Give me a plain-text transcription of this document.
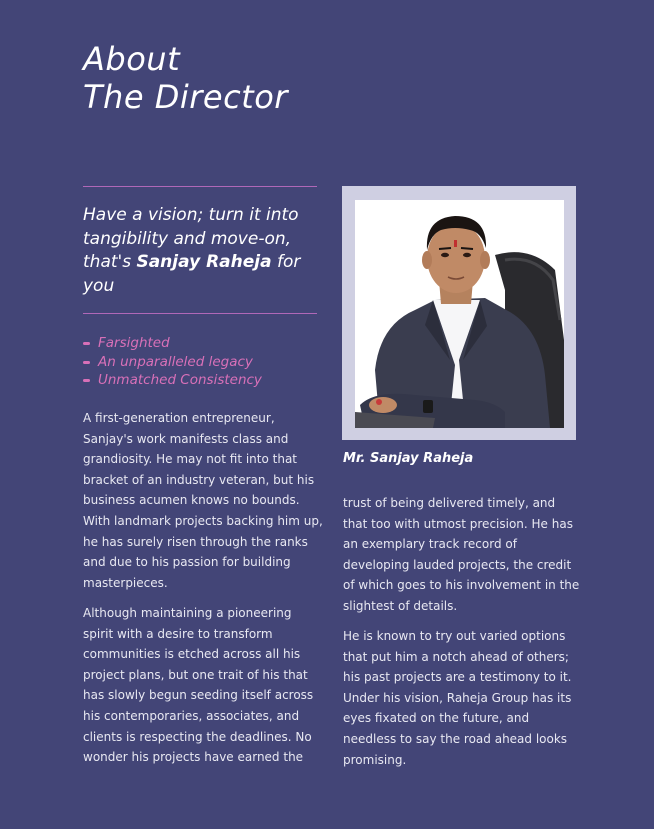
About
The Director

Have a vision; turn it into tangibility and move-on, that's Sanjay Raheja for you

Farsighted
An unparalleled legacy
Unmatched Consistency

A first-generation entrepreneur, Sanjay's work manifests class and grandiosity. He may not fit into that bracket of an industry veteran, but his business acumen knows no bounds. With landmark projects backing him up, he has surely risen through the ranks and due to his passion for building masterpieces.

Although maintaining a pioneering spirit with a desire to transform communities is etched across all his project plans, but one trait of his that has slowly begun seeding itself across his contemporaries, associates, and clients is respecting the deadlines. No wonder his projects have earned the

Mr. Sanjay Raheja

trust of being delivered timely, and that too with utmost precision. He has an exemplary track record of developing lauded projects, the credit of which goes to his involvement in the slightest of details.

He is known to try out varied options that put him a notch ahead of others; his past projects are a testimony to it. Under his vision, Raheja Group has its eyes fixated on the future, and needless to say the road ahead looks promising.
